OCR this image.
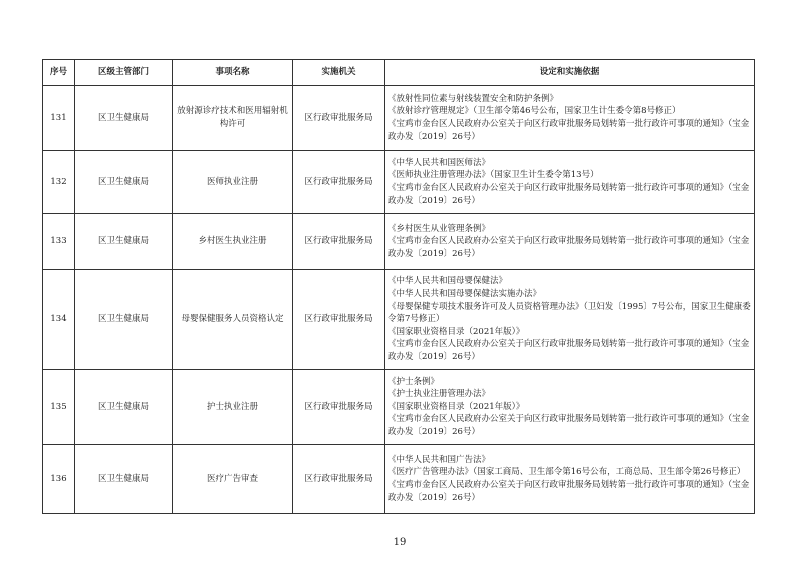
序号	区级主管部门	事项名称	实施机关	设定和实施依据
131	区卫生健康局	放射源诊疗技术和医用辐射机构许可	区行政审批服务局	《放射性同位素与射线装置安全和防护条例》
《放射诊疗管理规定》（卫生部令第46号公布，国家卫生计生委令第8号修正）
《宝鸡市金台区人民政府办公室关于向区行政审批服务局划转第一批行政许可事项的通知》（宝金政办发〔2019〕26号）

132	区卫生健康局	医师执业注册	区行政审批服务局	《中华人民共和国医师法》
《医师执业注册管理办法》（国家卫生计生委令第13号）
《宝鸡市金台区人民政府办公室关于向区行政审批服务局划转第一批行政许可事项的通知》（宝金政办发〔2019〕26号）

133	区卫生健康局	乡村医生执业注册	区行政审批服务局	《乡村医生从业管理条例》
《宝鸡市金台区人民政府办公室关于向区行政审批服务局划转第一批行政许可事项的通知》（宝金政办发〔2019〕26号）

134	区卫生健康局	母婴保健服务人员资格认定	区行政审批服务局	《中华人民共和国母婴保健法》
《中华人民共和国母婴保健法实施办法》
《母婴保健专项技术服务许可及人员资格管理办法》（卫妇发〔1995〕7号公布，国家卫生健康委令第7号修正）
《国家职业资格目录（2021年版）》
《宝鸡市金台区人民政府办公室关于向区行政审批服务局划转第一批行政许可事项的通知》（宝金政办发〔2019〕26号）

135	区卫生健康局	护士执业注册	区行政审批服务局	《护士条例》
《护士执业注册管理办法》
《国家职业资格目录（2021年版）》
《宝鸡市金台区人民政府办公室关于向区行政审批服务局划转第一批行政许可事项的通知》（宝金政办发〔2019〕26号）

136	区卫生健康局	医疗广告审查	区行政审批服务局	《中华人民共和国广告法》
《医疗广告管理办法》（国家工商局、卫生部令第16号公布，工商总局、卫生部令第26号修正）
《宝鸡市金台区人民政府办公室关于向区行政审批服务局划转第一批行政许可事项的通知》（宝金政办发〔2019〕26号）
19
